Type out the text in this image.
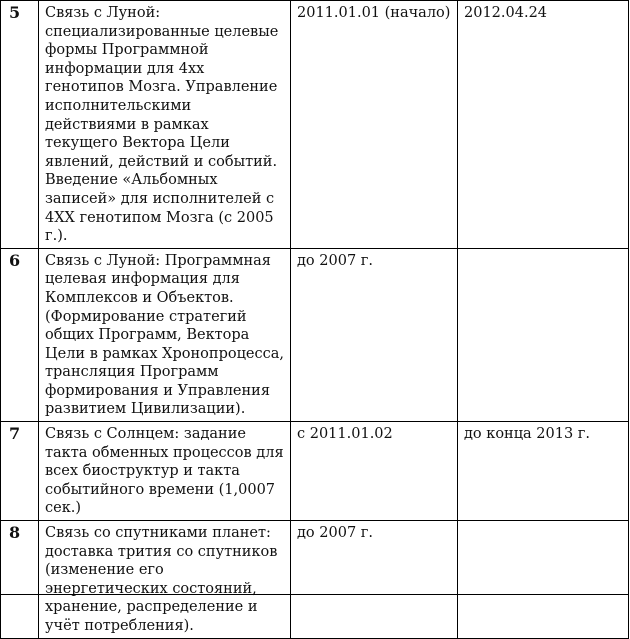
5	Связь с Луной: специализированные целевые формы Программной информации для 4хх генотипов Мозга. Управление исполнительскими действиями в рамках текущего Вектора Цели явлений, действий и событий. Введение «Альбомных записей» для исполнителей с 4ХХ генотипом Мозга (с 2005 г.).	2011.01.01 (начало)	2012.04.24
6	Связь с Луной: Программная целевая информация для Комплексов и Объектов. (Формирование стратегий общих Программ, Вектора Цели в рамках Хронопроцесса, трансляция Программ формирования и Управления развитием Цивилизации).	до 2007 г.	
7	Связь с Солнцем: задание такта обменных процессов для всех биоструктур и такта событийного времени (1,0007 сек.)	с 2011.01.02	до конца 2013 г.
8	Связь со спутниками планет: доставка трития со спутников (изменение его энергетических состояний, хранение, распределение и учёт потребления).	до 2007 г.	
